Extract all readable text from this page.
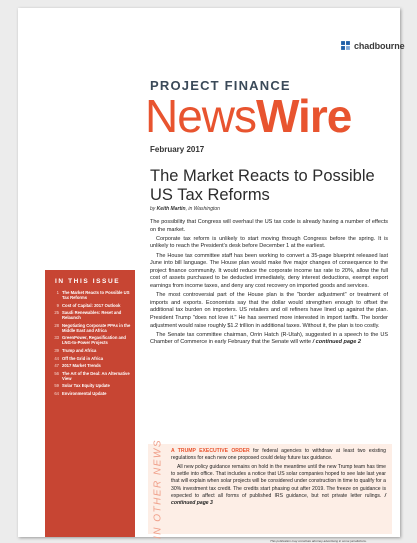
chadbourne
PROJECT FINANCE
NewsWire
February 2017
The Market Reacts to Possible US Tax Reforms
by Keith Martin, in Washington

The possibility that Congress will overhaul the US tax code is already having a number of effects on the market.

Corporate tax reform is unlikely to start moving through Congress before the spring. It is unlikely to reach the President's desk before December 1 at the earliest.

The House tax committee staff has been working to convert a 35-page blueprint released last June into bill language. The House plan would make five major changes of consequence to the project finance community. It would reduce the corporate income tax rate to 20%, allow the full cost of assets purchased to be deducted immediately, deny interest deductions, exempt export earnings from income taxes, and deny any cost recovery on imported goods and services.

The most controversial part of the House plan is the "border adjustment" or treatment of imports and exports. Economists say that the dollar would strengthen enough to offset the additional tax burden on importers. US retailers and oil refiners have lined up against the plan. President Trump "does not love it." He has seemed more interested in import tariffs. The border adjustment would raise roughly $1.2 trillion in additional taxes. Without it, the plan is too costly.

The Senate tax committee chairman, Orrin Hatch (R-Utah), suggested in a speech to the US Chamber of Commerce in early February that the Senate will write / continued page 2

IN THIS ISSUE
1 The Market Reacts to Possible US Tax Reforms
9 Cost of Capital: 2017 Outlook
25 Saudi Renewables: Reset and Relaunch
28 Negotiating Corporate PPAs in the Middle East and Africa
33 GreenPower, Regasification and LNG-to-Power Projects
39 Trump and Africa
44 Off the Grid in Africa
47 2017 Market Trends
56 The Art of the Deal: An Alternative View
59 Solar Tax Equity Update
64 Environmental Update
IN OTHER NEWS A TRUMP EXECUTIVE ORDER for federal agencies to withdraw at least two existing regulations for each new one proposed could delay future tax guidance.

All new policy guidance remains on hold in the meantime until the new Trump team has time to settle into office. That includes a notice that US solar companies hoped to see late last year that will explain when solar projects will be considered under construction in time to qualify for a 30% investment tax credit. The credits start phasing out after 2019. The freeze on guidance is expected to affect all forms of published IRS guidance, but not private letter rulings. / continued page 3

This publication may constitute attorney advertising in some jurisdictions.
